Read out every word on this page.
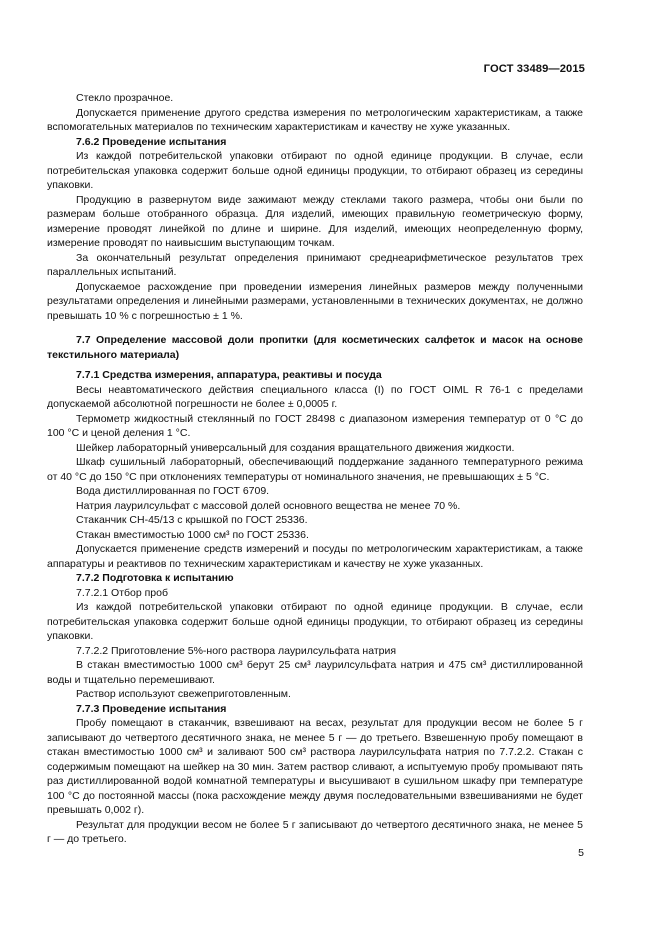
ГОСТ 33489—2015

Стекло прозрачное.

Допускается применение другого средства измерения по метрологическим характеристикам, а также вспомогательных материалов по техническим характеристикам и качеству не хуже указанных.

7.6.2 Проведение испытания

Из каждой потребительской упаковки отбирают по одной единице продукции. В случае, если потребительская упаковка содержит больше одной единицы продукции, то отбирают образец из середины упаковки.

Продукцию в развернутом виде зажимают между стеклами такого размера, чтобы они были по размерам больше отобранного образца. Для изделий, имеющих правильную геометрическую форму, измерение проводят линейкой по длине и ширине. Для изделий, имеющих неопределенную форму, измерение проводят по наивысшим выступающим точкам.

За окончательный результат определения принимают среднеарифметическое результатов трех параллельных испытаний.

Допускаемое расхождение при проведении измерения линейных размеров между полученными результатами определения и линейными размерами, установленными в технических документах, не должно превышать 10 % с погрешностью ± 1 %.

7.7 Определение массовой доли пропитки (для косметических салфеток и масок на основе текстильного материала)

7.7.1 Средства измерения, аппаратура, реактивы и посуда

Весы неавтоматического действия специального класса (I) по ГОСТ OIML R 76-1 с пределами допускаемой абсолютной погрешности не более ± 0,0005 г.

Термометр жидкостный стеклянный по ГОСТ 28498 с диапазоном измерения температур от 0 °C до 100 °C и ценой деления 1 °C.

Шейкер лабораторный универсальный для создания вращательного движения жидкости.

Шкаф сушильный лабораторный, обеспечивающий поддержание заданного температурного режима от 40 °C до 150 °C при отклонениях температуры от номинального значения, не превышающих ± 5 °C.

Вода дистиллированная по ГОСТ 6709.

Натрия лаурилсульфат с массовой долей основного вещества не менее 70 %.

Стаканчик СН-45/13 с крышкой по ГОСТ 25336.

Стакан вместимостью 1000 см³ по ГОСТ 25336.

Допускается применение средств измерений и посуды по метрологическим характеристикам, а также аппаратуры и реактивов по техническим характеристикам и качеству не хуже указанных.

7.7.2 Подготовка к испытанию

7.7.2.1 Отбор проб

Из каждой потребительской упаковки отбирают по одной единице продукции. В случае, если потребительская упаковка содержит больше одной единицы продукции, то отбирают образец из середины упаковки.

7.7.2.2 Приготовление 5%-ного раствора лаурилсульфата натрия

В стакан вместимостью 1000 см³ берут 25 см³ лаурилсульфата натрия и 475 см³ дистиллированной воды и тщательно перемешивают.

Раствор используют свежеприготовленным.

7.7.3 Проведение испытания

Пробу помещают в стаканчик, взвешивают на весах, результат для продукции весом не более 5 г записывают до четвертого десятичного знака, не менее 5 г — до третьего. Взвешенную пробу помещают в стакан вместимостью 1000 см³ и заливают 500 см³ раствора лаурилсульфата натрия по 7.7.2.2. Стакан с содержимым помещают на шейкер на 30 мин. Затем раствор сливают, а испытуемую пробу промывают пять раз дистиллированной водой комнатной температуры и высушивают в сушильном шкафу при температуре 100 °C до постоянной массы (пока расхождение между двумя последовательными взвешиваниями не будет превышать 0,002 г).

Результат для продукции весом не более 5 г записывают до четвертого десятичного знака, не менее 5 г — до третьего.

5
